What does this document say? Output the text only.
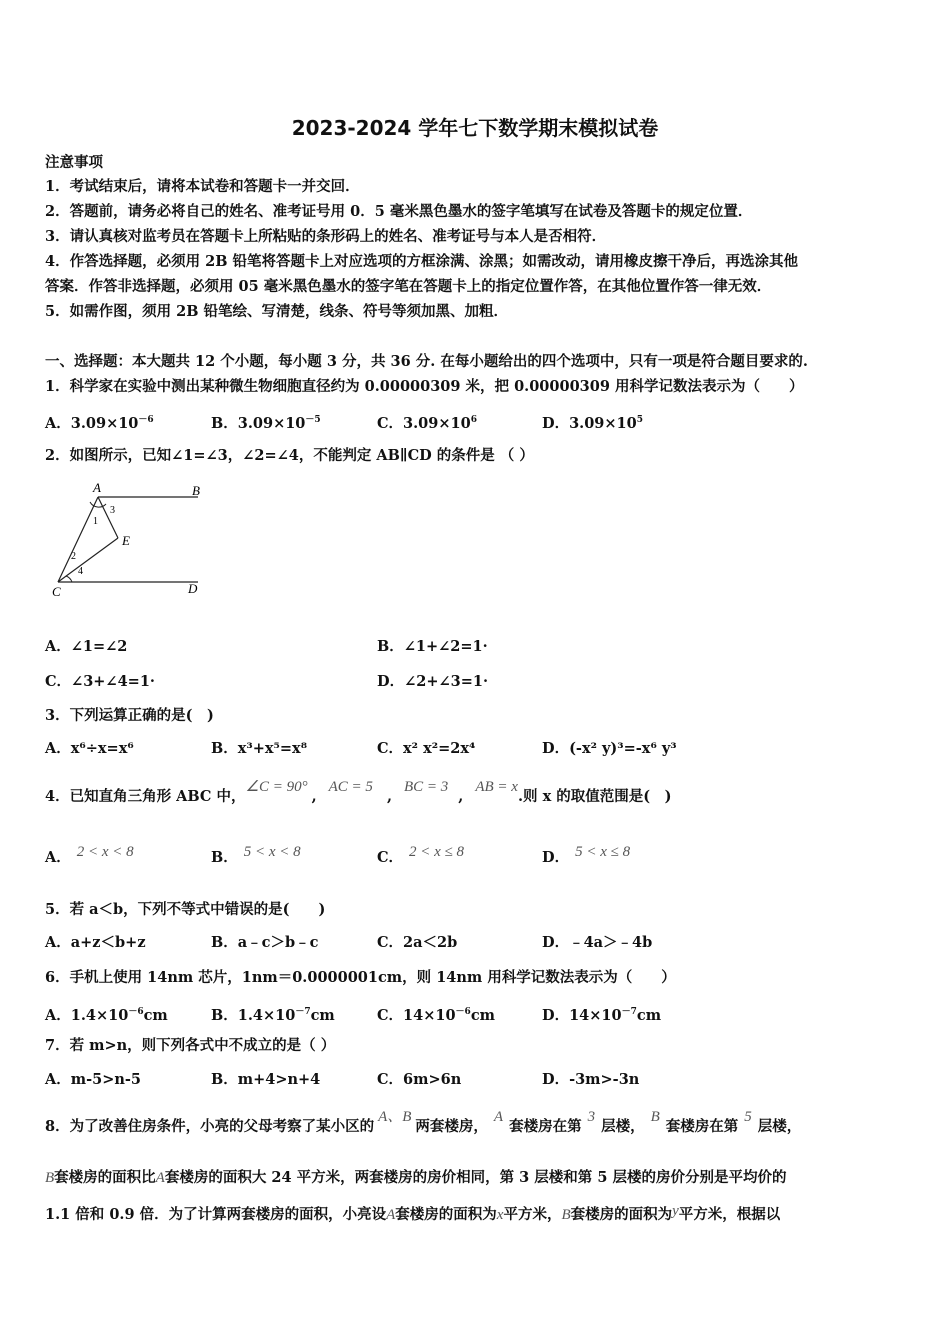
2023-2024 学年七下数学期末模拟试卷
注意事项
1．考试结束后，请将本试卷和答题卡一并交回．
2．答题前，请务必将自己的姓名、准考证号用 0．5 毫米黑色墨水的签字笔填写在试卷及答题卡的规定位置．
3．请认真核对监考员在答题卡上所粘贴的条形码上的姓名、准考证号与本人是否相符．
4．作答选择题，必须用 2B 铅笔将答题卡上对应选项的方框涂满、涂黑；如需改动，请用橡皮擦干净后，再选涂其他
答案．作答非选择题，必须用 05 毫米黑色墨水的签字笔在答题卡上的指定位置作答，在其他位置作答一律无效．
5．如需作图，须用 2B 铅笔绘、写清楚，线条、符号等须加黑、加粗．
一、选择题：本大题共 12 个小题，每小题 3 分，共 36 分. 在每小题给出的四个选项中，只有一项是符合题目要求的.
1．科学家在实验中测出某种微生物细胞直径约为 0.00000309 米，把 0.00000309 用科学记数法表示为（　　）
A．$3.09\times 10^{-6}$	B．$3.09\times 10^{-5}$	C．$3.09\times 10^6$	D．$3.09\times 10^5$
2．如图所示，已知∠1=∠3，∠2=∠4，不能判定 AB∥CD 的条件是 （ ）
A	B
C	D
E
1
2
3
4
A．∠1=∠2	B．∠1+∠2=1·
C．∠3+∠4=1·	D．∠2+∠3=1·
3．下列运算正确的是(　)
A．x⁶÷x=x⁶	B．x³+x⁵=x⁸	C．x² x²=2x⁴	D．(-x² y)³=-x⁶ y³
4．已知直角三角形 ABC 中，∠C = 90°,AC = 5,BC = 3,AB = x.则 x 的取值范围是(　)
A． 2 < x < 8	B． 5 < x < 8	C． 2 < x ≤ 8	D． 5 < x ≤ 8
5．若 a＜b，下列不等式中错误的是(　　)
A．a+z＜b+z	B．a﹣c＞b﹣c	C．2a＜2b	D．﹣4a＞﹣4b
6．手机上使用 14nm 芯片，1nm＝0.0000001cm，则 14nm 用科学记数法表示为（　　）
A．$1.4\times 10^{-6}cm$	B．$1.4\times 10^{-7}cm$	C．$14\times 10^{-6}cm$	D．$14\times 10^{-7}cm$
7．若 m>n，则下列各式中不成立的是（ ）
A．m-5>n-5	B．m+4>n+4	C．6m>6n	D．-3m>-3n
8．为了改善住房条件，小亮的父母考察了某小区的A、B两套楼房，A套楼房在第3层楼，B套楼房在第5层楼，
B套楼房的面积比A套楼房的面积大 24 平方米，两套楼房的房价相同，第 3 层楼和第 5 层楼的房价分别是平均价的
1.1 倍和 0.9 倍．为了计算两套楼房的面积，小亮设A套楼房的面积为x平方米，B套楼房的面积为y平方米，根据以
